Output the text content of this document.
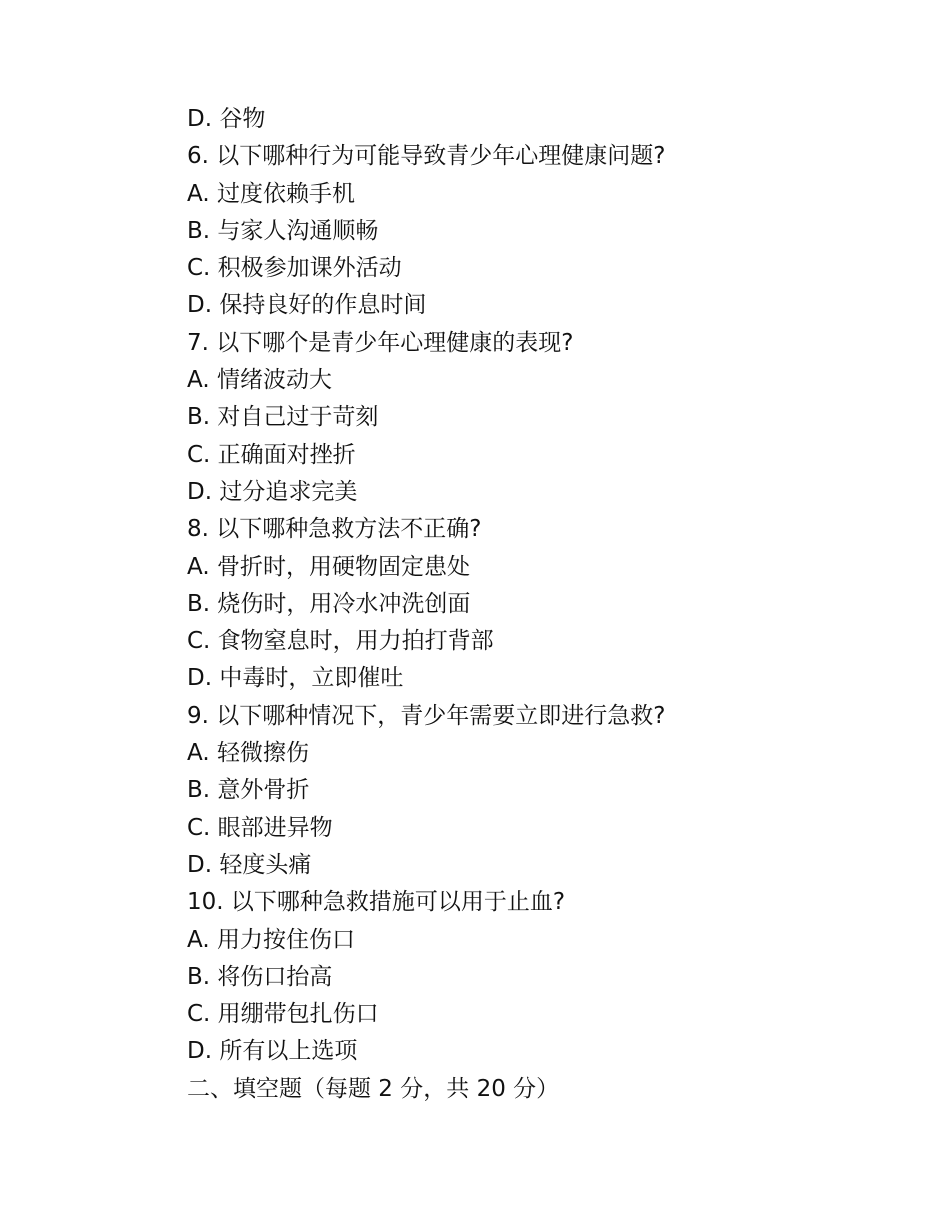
D. 谷物
6. 以下哪种行为可能导致青少年心理健康问题?
A. 过度依赖手机
B. 与家人沟通顺畅
C. 积极参加课外活动
D. 保持良好的作息时间
7. 以下哪个是青少年心理健康的表现?
A. 情绪波动大
B. 对自己过于苛刻
C. 正确面对挫折
D. 过分追求完美
8. 以下哪种急救方法不正确?
A. 骨折时，用硬物固定患处
B. 烧伤时，用冷水冲洗创面
C. 食物窒息时，用力拍打背部
D. 中毒时，立即催吐
9. 以下哪种情况下，青少年需要立即进行急救?
A. 轻微擦伤
B. 意外骨折
C. 眼部进异物
D. 轻度头痛
10. 以下哪种急救措施可以用于止血?
A. 用力按住伤口
B. 将伤口抬高
C. 用绷带包扎伤口
D. 所有以上选项
二、填空题（每题 2 分，共 20 分）
